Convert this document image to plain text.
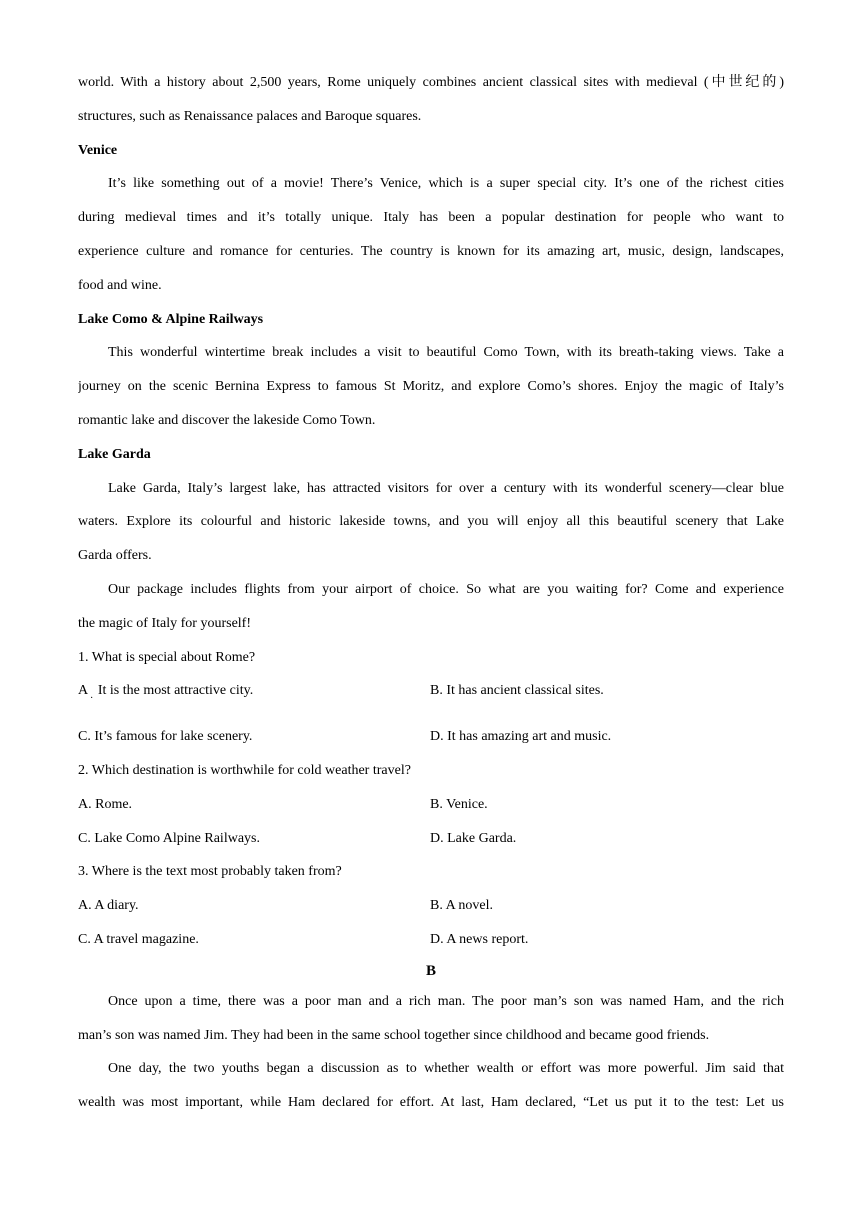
world. With a history about 2,500 years, Rome uniquely combines ancient classical sites with medieval (中世纪的)
structures, such as Renaissance palaces and Baroque squares.
Venice
It’s like something out of a movie! There’s Venice, which is a super special city. It’s one of the richest cities
during medieval times and it’s totally unique. Italy has been a popular destination for people who want to
experience culture and romance for centuries. The country is known for its amazing art, music, design, landscapes,
food and wine.
Lake Como & Alpine Railways
This wonderful wintertime break includes a visit to beautiful Como Town, with its breath-taking views. Take a
journey on the scenic Bernina Express to famous St Moritz, and explore Como’s shores. Enjoy the magic of Italy’s
romantic lake and discover the lakeside Como Town.
Lake Garda
Lake Garda, Italy’s largest lake, has attracted visitors for over a century with its wonderful scenery—clear blue
waters. Explore its colourful and historic lakeside towns, and you will enjoy all this beautiful scenery that Lake
Garda offers.
Our package includes flights from your airport of choice. So what are you waiting for? Come and experience
the magic of Italy for yourself!
1. What is special about Rome?
A
·
It is the most attractive city.	B. It has ancient classical sites.
C. It’s famous for lake scenery.	D. It has amazing art and music.
2. Which destination is worthwhile for cold weather travel?
A. Rome.	B. Venice.
C. Lake Como Alpine Railways.	D. Lake Garda.
3. Where is the text most probably taken from?
A. A diary.	B. A novel.
C. A travel magazine.	D. A news report.
B
Once upon a time, there was a poor man and a rich man. The poor man’s son was named Ham, and the rich
man’s son was named Jim. They had been in the same school together since childhood and became good friends.
One day, the two youths began a discussion as to whether wealth or effort was more powerful. Jim said that
wealth was most important, while Ham declared for effort. At last, Ham declared, “Let us put it to the test: Let us
